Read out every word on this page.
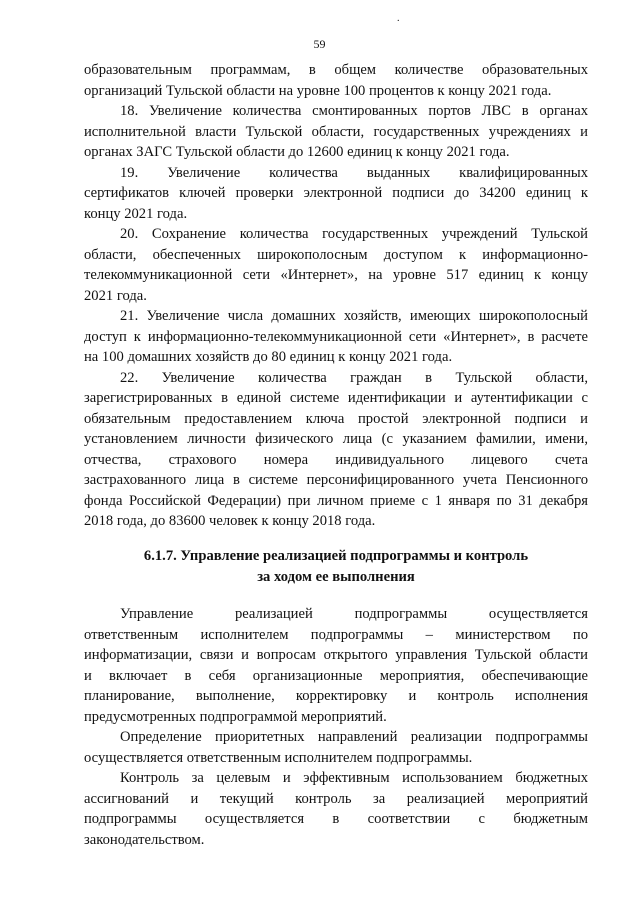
.
59
образовательным программам, в общем количестве образовательных
организаций Тульской области на уровне 100 процентов к концу 2021 года.
18. Увеличение количества смонтированных портов ЛВС в органах
исполнительной власти Тульской области, государственных учреждениях и
органах ЗАГС Тульской области до 12600 единиц к концу 2021 года.
19. Увеличение количества выданных квалифицированных
сертификатов ключей проверки электронной подписи до 34200 единиц к
концу 2021 года.
20. Сохранение количества государственных учреждений Тульской
области, обеспеченных широкополосным доступом к информационно-
телекоммуникационной сети «Интернет», на уровне 517 единиц к концу
2021 года.
21. Увеличение числа домашних хозяйств, имеющих широкополосный
доступ к информационно-телекоммуникационной сети «Интернет», в расчете
на 100 домашних хозяйств до 80 единиц к концу 2021 года.
22. Увеличение количества граждан в Тульской области,
зарегистрированных в единой системе идентификации и аутентификации с
обязательным предоставлением ключа простой электронной подписи и
установлением личности физического лица (с указанием фамилии, имени,
отчества, страхового номера индивидуального лицевого счета
застрахованного лица в системе персонифицированного учета Пенсионного
фонда Российской Федерации) при личном приеме с 1 января по 31 декабря
2018 года, до 83600 человек к концу 2018 года.
6.1.7. Управление реализацией подпрограммы и контроль
за ходом ее выполнения
Управление реализацией подпрограммы осуществляется
ответственным исполнителем подпрограммы – министерством по
информатизации, связи и вопросам открытого управления Тульской области
и включает в себя организационные мероприятия, обеспечивающие
планирование, выполнение, корректировку и контроль исполнения
предусмотренных подпрограммой мероприятий.
Определение приоритетных направлений реализации подпрограммы
осуществляется ответственным исполнителем подпрограммы.
Контроль за целевым и эффективным использованием бюджетных
ассигнований и текущий контроль за реализацией мероприятий
подпрограммы осуществляется в соответствии с бюджетным
законодательством.
